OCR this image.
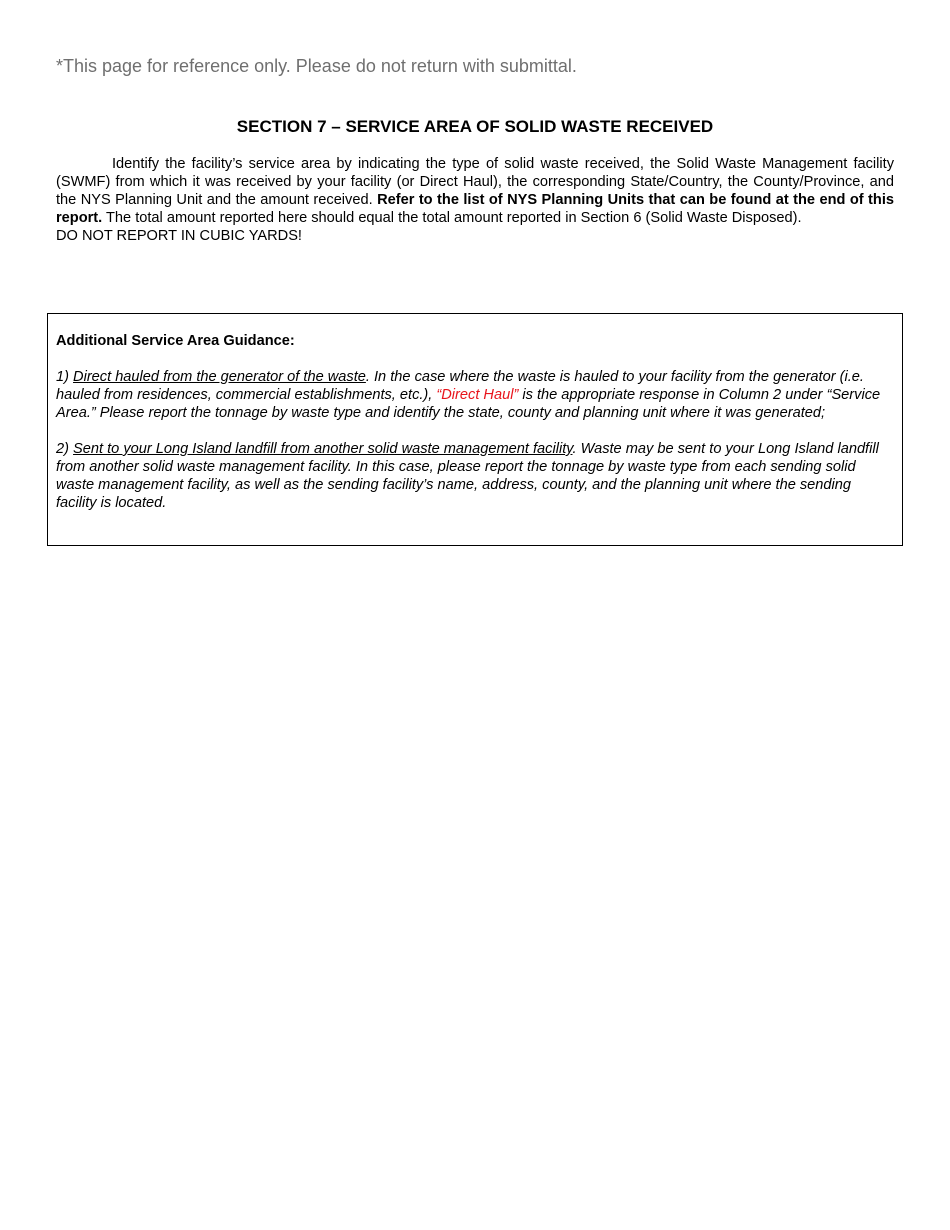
*This page for reference only. Please do not return with submittal.
SECTION 7 – SERVICE AREA OF SOLID WASTE RECEIVED

Identify the facility’s service area by indicating the type of solid waste received, the Solid Waste Management facility (SWMF) from which it was received by your facility (or Direct Haul), the corresponding State/Country, the County/Province, and the NYS Planning Unit and the amount received. Refer to the list of NYS Planning Units that can be found at the end of this report. The total amount reported here should equal the total amount reported in Section 6 (Solid Waste Disposed).

DO NOT REPORT IN CUBIC YARDS!

Additional Service Area Guidance:

1) Direct hauled from the generator of the waste. In the case where the waste is hauled to your facility from the generator (i.e. hauled from residences, commercial establishments, etc.), “Direct Haul” is the appropriate response in Column 2 under “Service Area.” Please report the tonnage by waste type and identify the state, county and planning unit where it was generated;

2) Sent to your Long Island landfill from another solid waste management facility. Waste may be sent to your Long Island landfill from another solid waste management facility. In this case, please report the tonnage by waste type from each sending solid waste management facility, as well as the sending facility’s name, address, county, and the planning unit where the sending facility is located.
